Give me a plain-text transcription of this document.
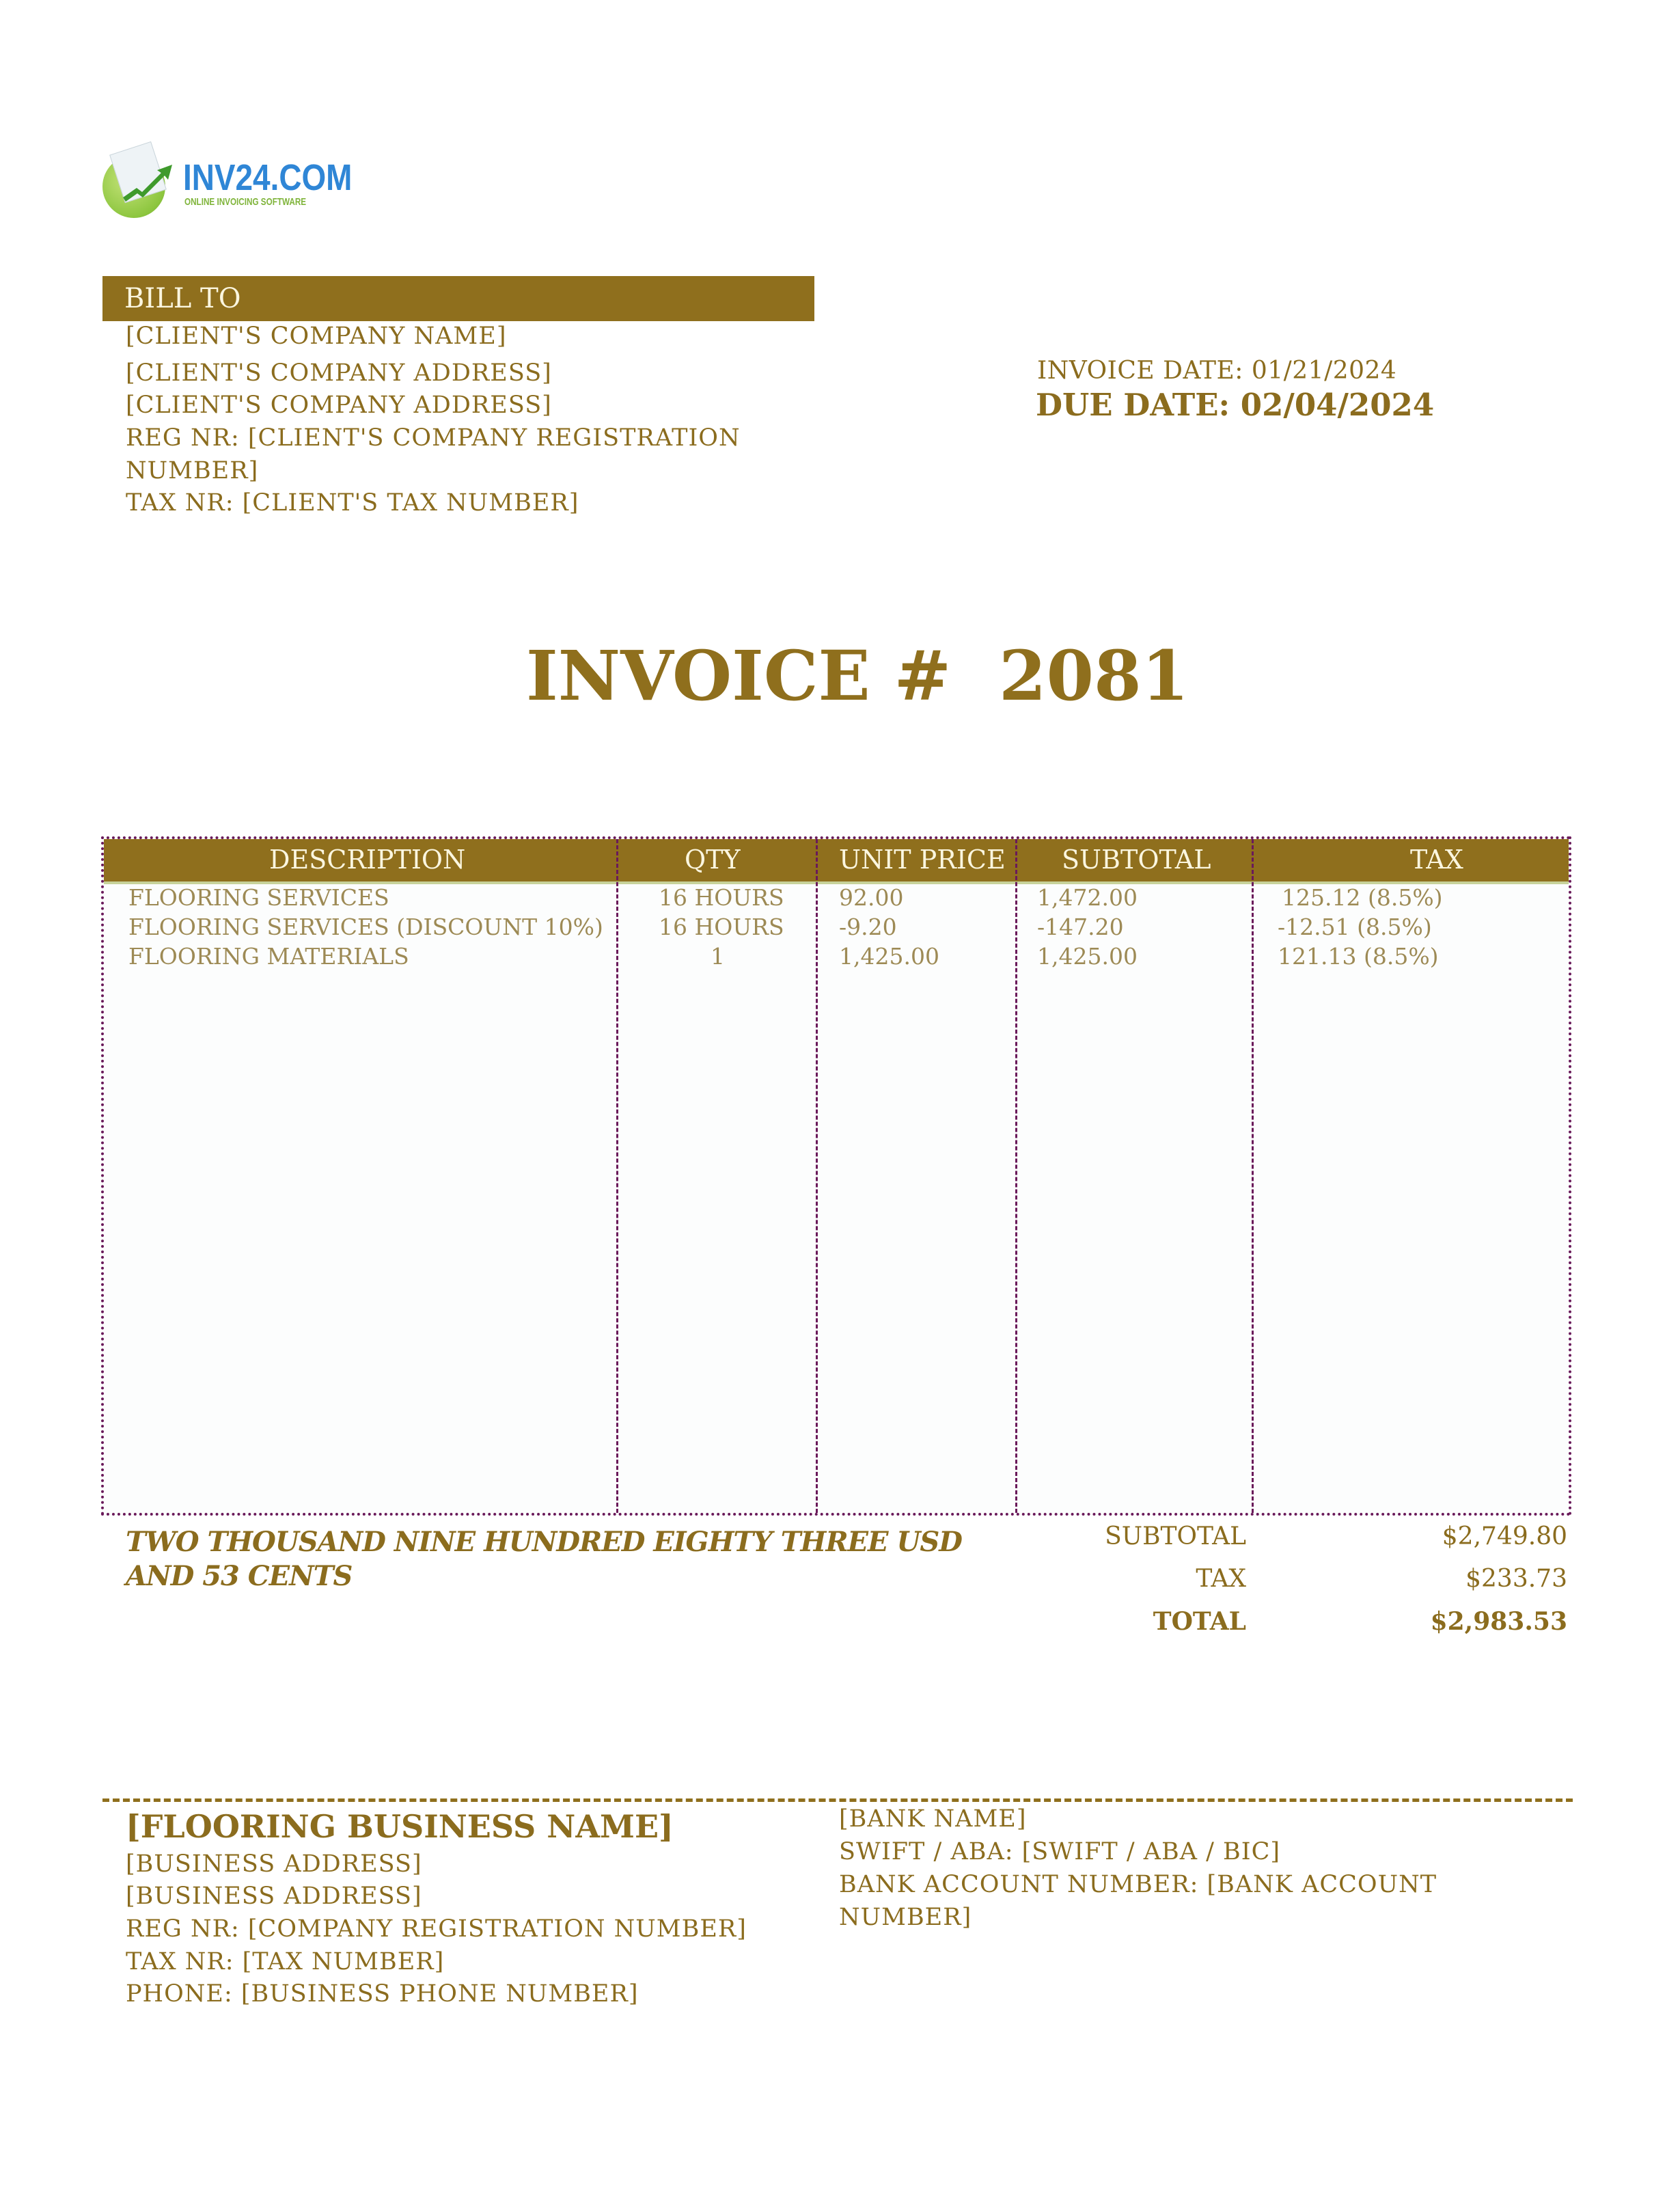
INV24.COM
ONLINE INVOICING SOFTWARE
BILL TO
[CLIENT'S COMPANY NAME]
[CLIENT'S COMPANY ADDRESS]
[CLIENT'S COMPANY ADDRESS]
REG NR: [CLIENT'S COMPANY REGISTRATION
NUMBER]
TAX NR: [CLIENT'S TAX NUMBER]
INVOICE DATE: 01/21/2024
DUE DATE: 02/04/2024
INVOICE #  2081
DESCRIPTION	QTY	UNIT PRICE SUBTOTAL	TAX
FLOORING SERVICES	16 HOURS 92.00	1,472.00	125.12 (8.5%)
FLOORING SERVICES (DISCOUNT 10%) 16 HOURS -9.20	-147.20	-12.51 (8.5%)
FLOORING MATERIALS	1	1,425.00	1,425.00	121.13 (8.5%)
TWO THOUSAND NINE HUNDRED EIGHTY THREE USD AND 53 CENTS
SUBTOTAL	$2,749.80
TAX	$233.73
TOTAL	$2,983.53
[FLOORING BUSINESS NAME]
[BUSINESS ADDRESS]
[BUSINESS ADDRESS]
REG NR: [COMPANY REGISTRATION NUMBER]
TAX NR: [TAX NUMBER]
PHONE: [BUSINESS PHONE NUMBER]
[BANK NAME]
SWIFT / ABA: [SWIFT / ABA / BIC]
BANK ACCOUNT NUMBER: [BANK ACCOUNT
NUMBER]
